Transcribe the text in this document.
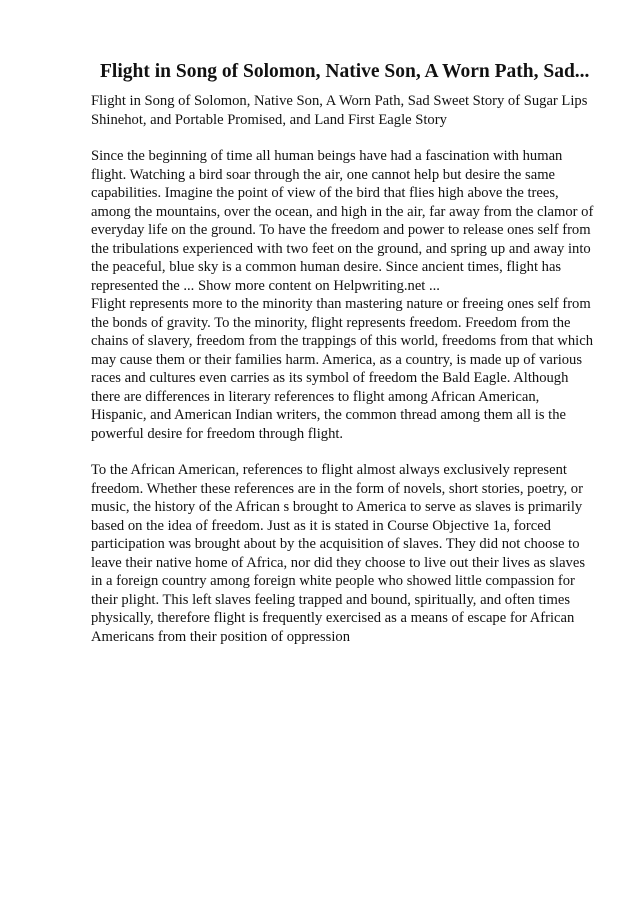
Flight in Song of Solomon, Native Son, A Worn Path, Sad...

Flight in Song of Solomon, Native Son, A Worn Path, Sad Sweet Story of Sugar Lips Shinehot, and Portable Promised, and Land First Eagle Story

Since the beginning of time all human beings have had a fascination with human flight. Watching a bird soar through the air, one cannot help but desire the same capabilities. Imagine the point of view of the bird that flies high above the trees, among the mountains, over the ocean, and high in the air, far away from the clamor of everyday life on the ground. To have the freedom and power to release ones self from the tribulations experienced with two feet on the ground, and spring up and away into the peaceful, blue sky is a common human desire. Since ancient times, flight has represented the ... Show more content on Helpwriting.net ...

Flight represents more to the minority than mastering nature or freeing ones self from the bonds of gravity. To the minority, flight represents freedom. Freedom from the chains of slavery, freedom from the trappings of this world, freedoms from that which may cause them or their families harm. America, as a country, is made up of various races and cultures even carries as its symbol of freedom the Bald Eagle. Although there are differences in literary references to flight among African American, Hispanic, and American Indian writers, the common thread among them all is the powerful desire for freedom through flight.

To the African American, references to flight almost always exclusively represent freedom. Whether these references are in the form of novels, short stories, poetry, or music, the history of the African s brought to America to serve as slaves is primarily based on the idea of freedom. Just as it is stated in Course Objective 1a, forced participation was brought about by the acquisition of slaves. They did not choose to leave their native home of Africa, nor did they choose to live out their lives as slaves in a foreign country among foreign white people who showed little compassion for their plight. This left slaves feeling trapped and bound, spiritually, and often times physically, therefore flight is frequently exercised as a means of escape for African Americans from their position of oppression
